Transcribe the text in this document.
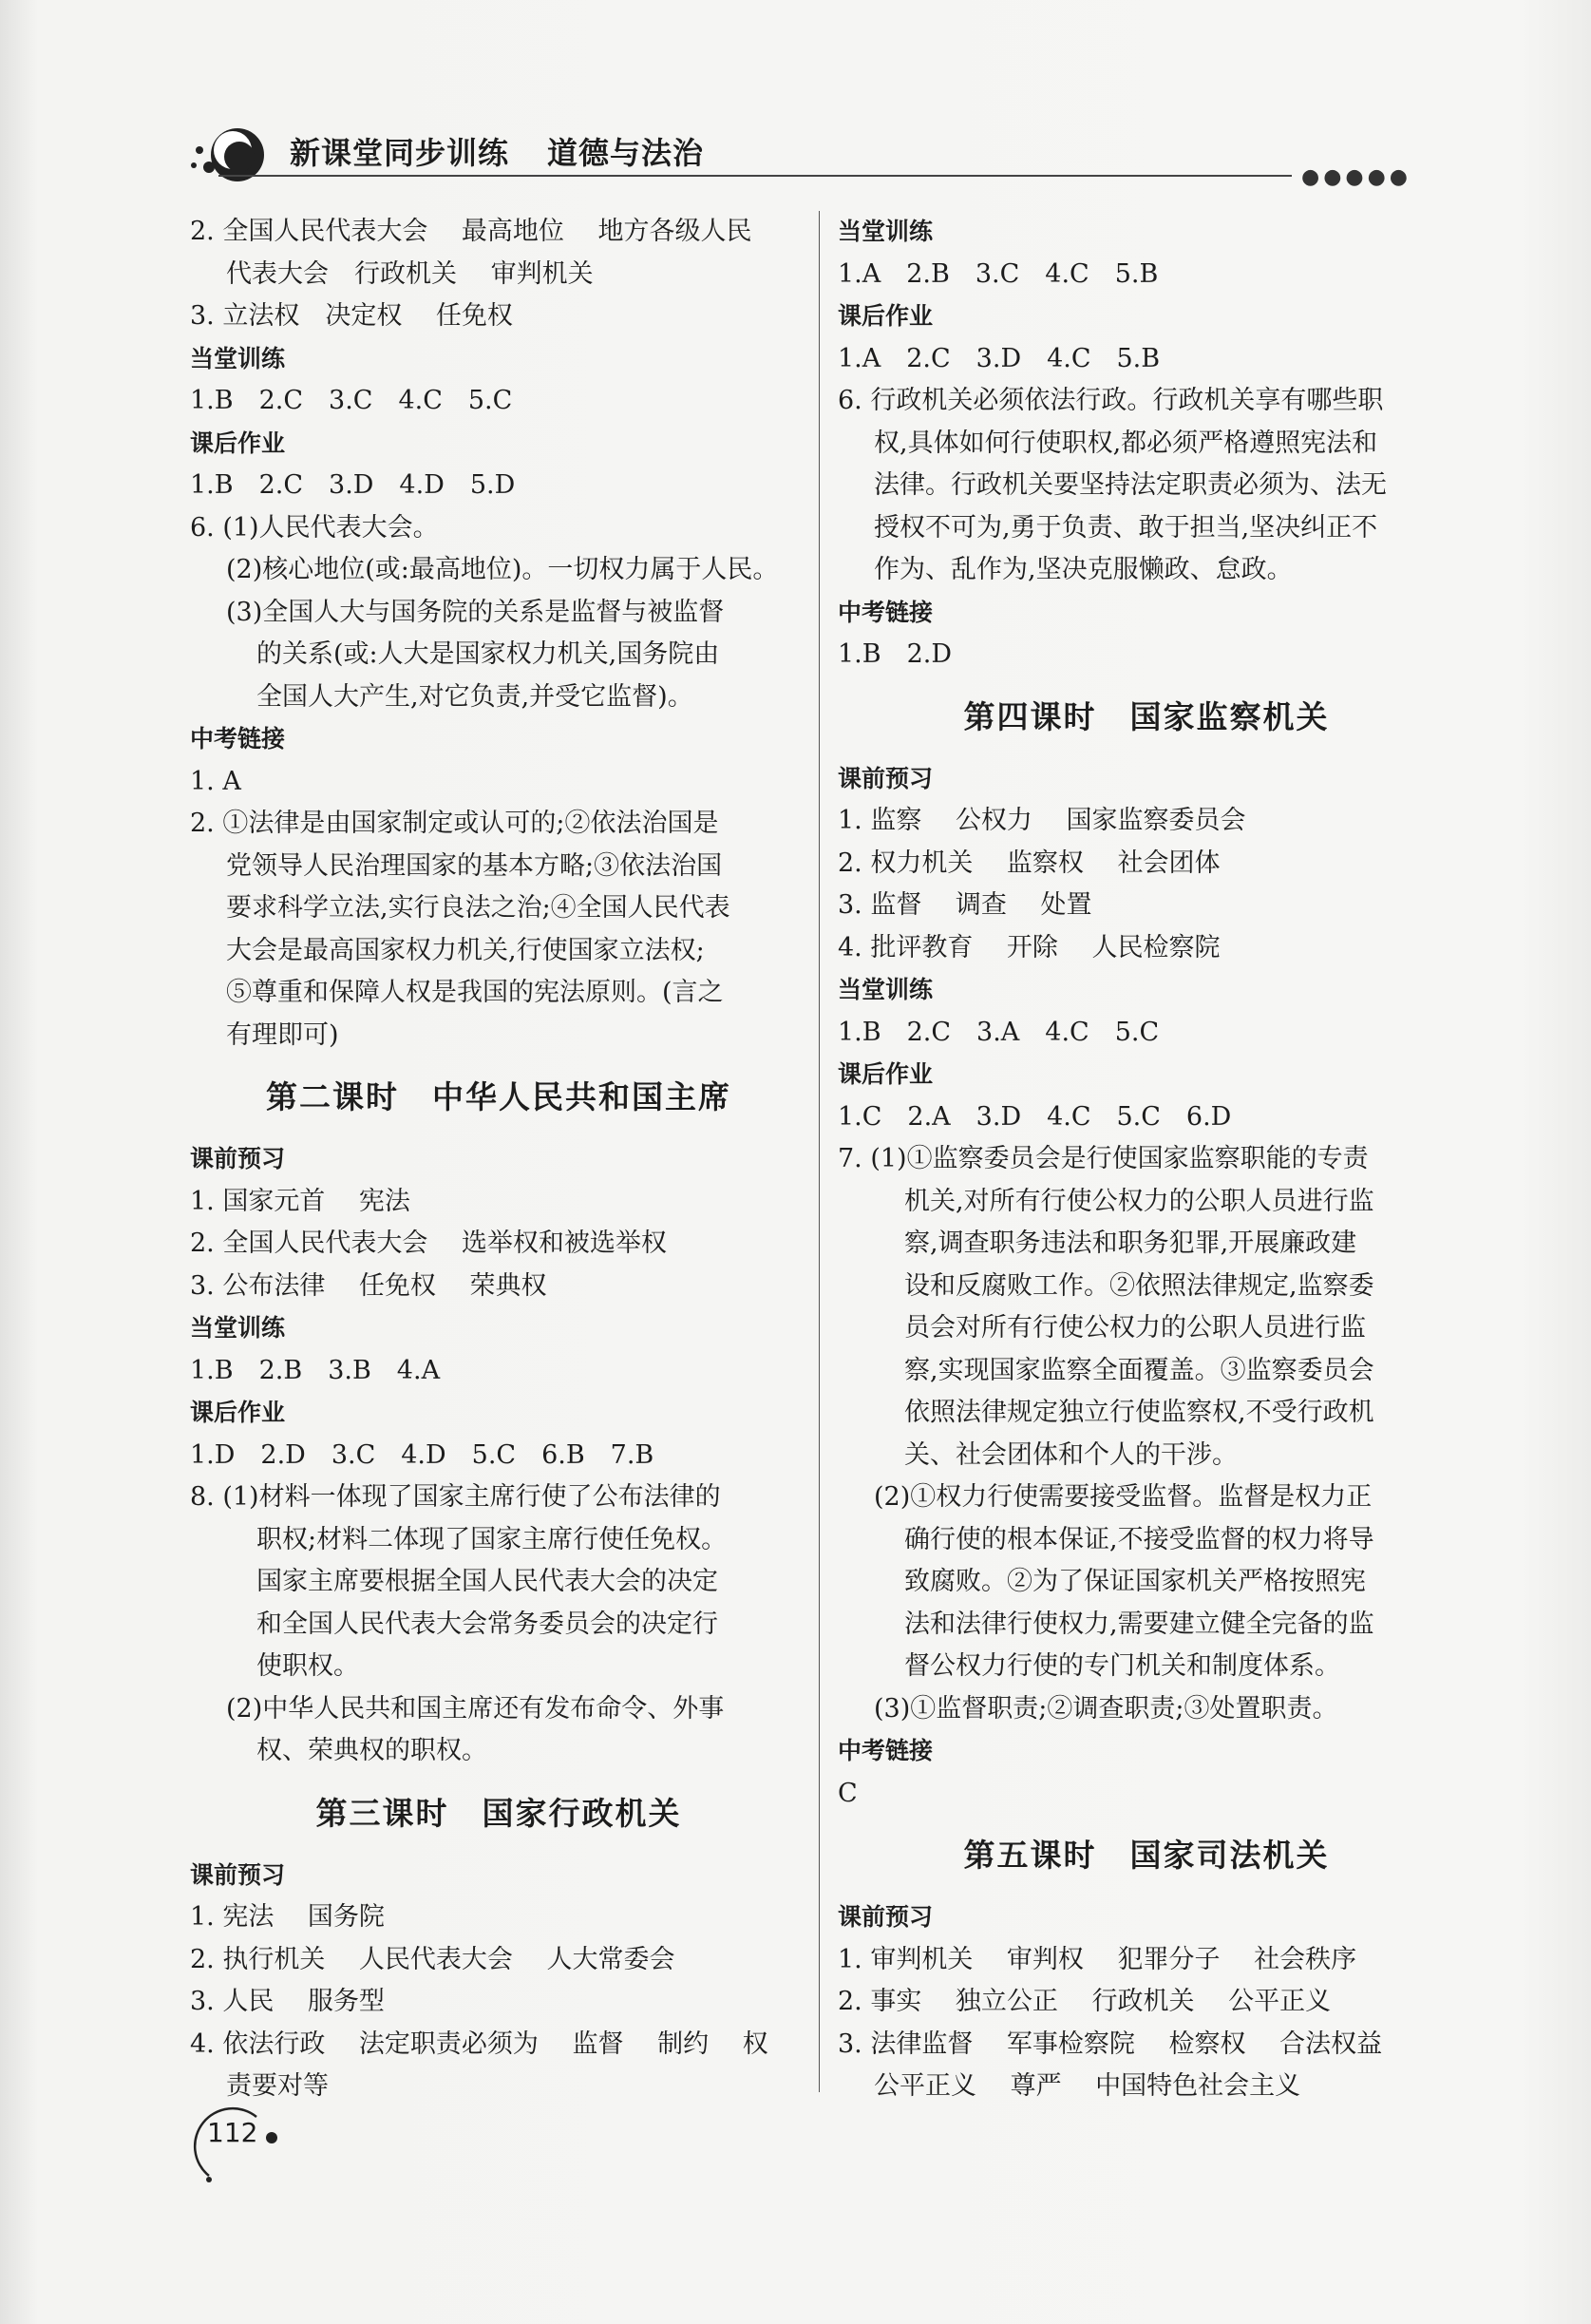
新课堂同步训练 道德与法治
●●●●●
2. 全国人民代表大会　 最高地位　 地方各级人民
代表大会　行政机关　 审判机关
3. 立法权　决定权　 任免权
当堂训练
1.B　2.C　3.C　4.C　5.C
课后作业
1.B　2.C　3.D　4.D　5.D
6. (1)人民代表大会。
(2)核心地位(或:最高地位)。一切权力属于人民。
(3)全国人大与国务院的关系是监督与被监督
的关系(或:人大是国家权力机关,国务院由
全国人大产生,对它负责,并受它监督)。
中考链接
1. A
2. ①法律是由国家制定或认可的;②依法治国是
党领导人民治理国家的基本方略;③依法治国
要求科学立法,实行良法之治;④全国人民代表
大会是最高国家权力机关,行使国家立法权;
⑤尊重和保障人权是我国的宪法原则。(言之
有理即可)
第二课时　中华人民共和国主席
课前预习
1. 国家元首　 宪法
2. 全国人民代表大会　 选举权和被选举权
3. 公布法律　 任免权　 荣典权
当堂训练
1.B　2.B　3.B　4.A
课后作业
1.D　2.D　3.C　4.D　5.C　6.B　7.B
8. (1)材料一体现了国家主席行使了公布法律的
职权;材料二体现了国家主席行使任免权。
国家主席要根据全国人民代表大会的决定
和全国人民代表大会常务委员会的决定行
使职权。
(2)中华人民共和国主席还有发布命令、外事
权、荣典权的职权。
第三课时　国家行政机关
课前预习
1. 宪法　 国务院
2. 执行机关　 人民代表大会　 人大常委会
3. 人民　 服务型
4. 依法行政　 法定职责必须为　 监督　 制约　 权
责要对等
当堂训练
1.A　2.B　3.C　4.C　5.B
课后作业
1.A　2.C　3.D　4.C　5.B
6. 行政机关必须依法行政。行政机关享有哪些职
权,具体如何行使职权,都必须严格遵照宪法和
法律。行政机关要坚持法定职责必须为、法无
授权不可为,勇于负责、敢于担当,坚决纠正不
作为、乱作为,坚决克服懒政、怠政。
中考链接
1.B　2.D
第四课时　国家监察机关
课前预习
1. 监察　 公权力　 国家监察委员会
2. 权力机关　 监察权　 社会团体
3. 监督　 调查　 处置
4. 批评教育　 开除　 人民检察院
当堂训练
1.B　2.C　3.A　4.C　5.C
课后作业
1.C　2.A　3.D　4.C　5.C　6.D
7. (1)①监察委员会是行使国家监察职能的专责
机关,对所有行使公权力的公职人员进行监
察,调查职务违法和职务犯罪,开展廉政建
设和反腐败工作。②依照法律规定,监察委
员会对所有行使公权力的公职人员进行监
察,实现国家监察全面覆盖。③监察委员会
依照法律规定独立行使监察权,不受行政机
关、社会团体和个人的干涉。
(2)①权力行使需要接受监督。监督是权力正
确行使的根本保证,不接受监督的权力将导
致腐败。②为了保证国家机关严格按照宪
法和法律行使权力,需要建立健全完备的监
督公权力行使的专门机关和制度体系。
(3)①监督职责;②调查职责;③处置职责。
中考链接
C
第五课时　国家司法机关
课前预习
1. 审判机关　 审判权　 犯罪分子　 社会秩序
2. 事实　 独立公正　 行政机关　 公平正义
3. 法律监督　 军事检察院　 检察权　 合法权益
公平正义　 尊严　 中国特色社会主义
112
